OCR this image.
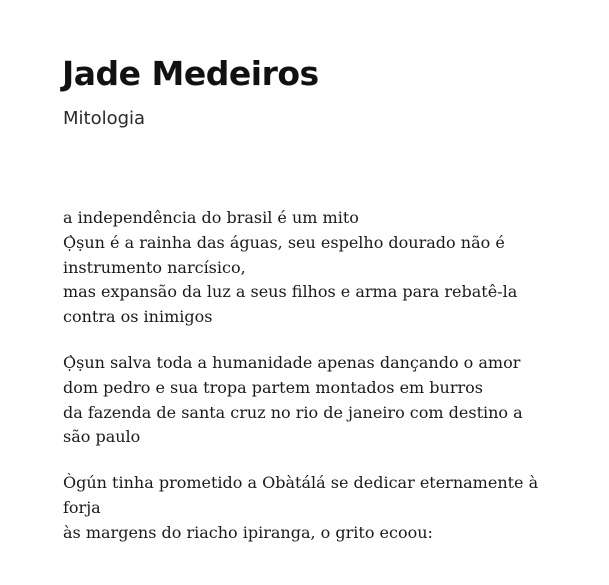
Jade Medeiros
Mitologia

a independência do brasil é um mito
Ọ̀ṣun é a rainha das águas, seu espelho dourado não é
instrumento narcísico,
mas expansão da luz a seus filhos e arma para rebatê-la
contra os inimigos

Ọ̀ṣun salva toda a humanidade apenas dançando o amor
dom pedro e sua tropa partem montados em burros
da fazenda de santa cruz no rio de janeiro com destino a
são paulo

Ògún tinha prometido a Obàtálá se dedicar eternamente à
forja
às margens do riacho ipiranga, o grito ecoou:
